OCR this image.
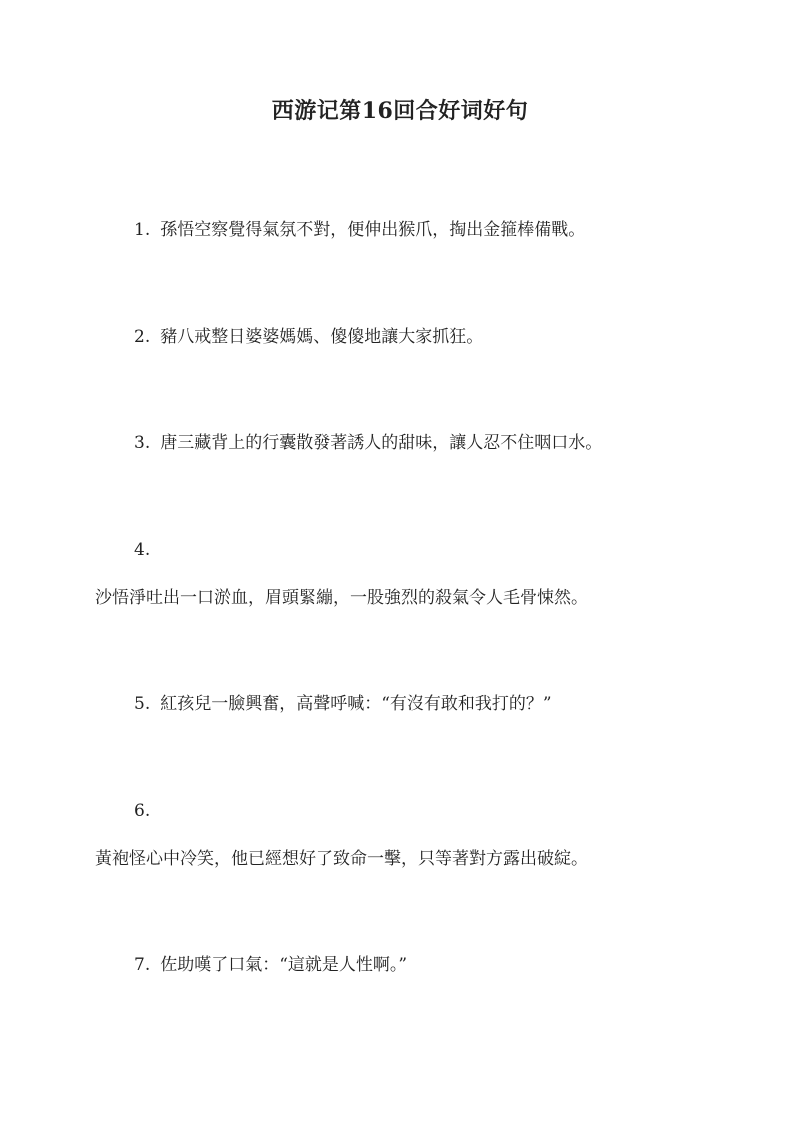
西游记第16回合好词好句
1. 孫悟空察覺得氣氛不對，便伸出猴爪，掏出金箍棒備戰。
2. 豬八戒整日婆婆媽媽、傻傻地讓大家抓狂。
3. 唐三藏背上的行囊散發著誘人的甜味，讓人忍不住咽口水。
4.
沙悟淨吐出一口淤血，眉頭緊繃，一股強烈的殺氣令人毛骨悚然。
5. 紅孩兒一臉興奮，高聲呼喊：“有沒有敢和我打的？”
6.
黃袍怪心中冷笑，他已經想好了致命一擊，只等著對方露出破綻。
7. 佐助嘆了口氣：“這就是人性啊。”
